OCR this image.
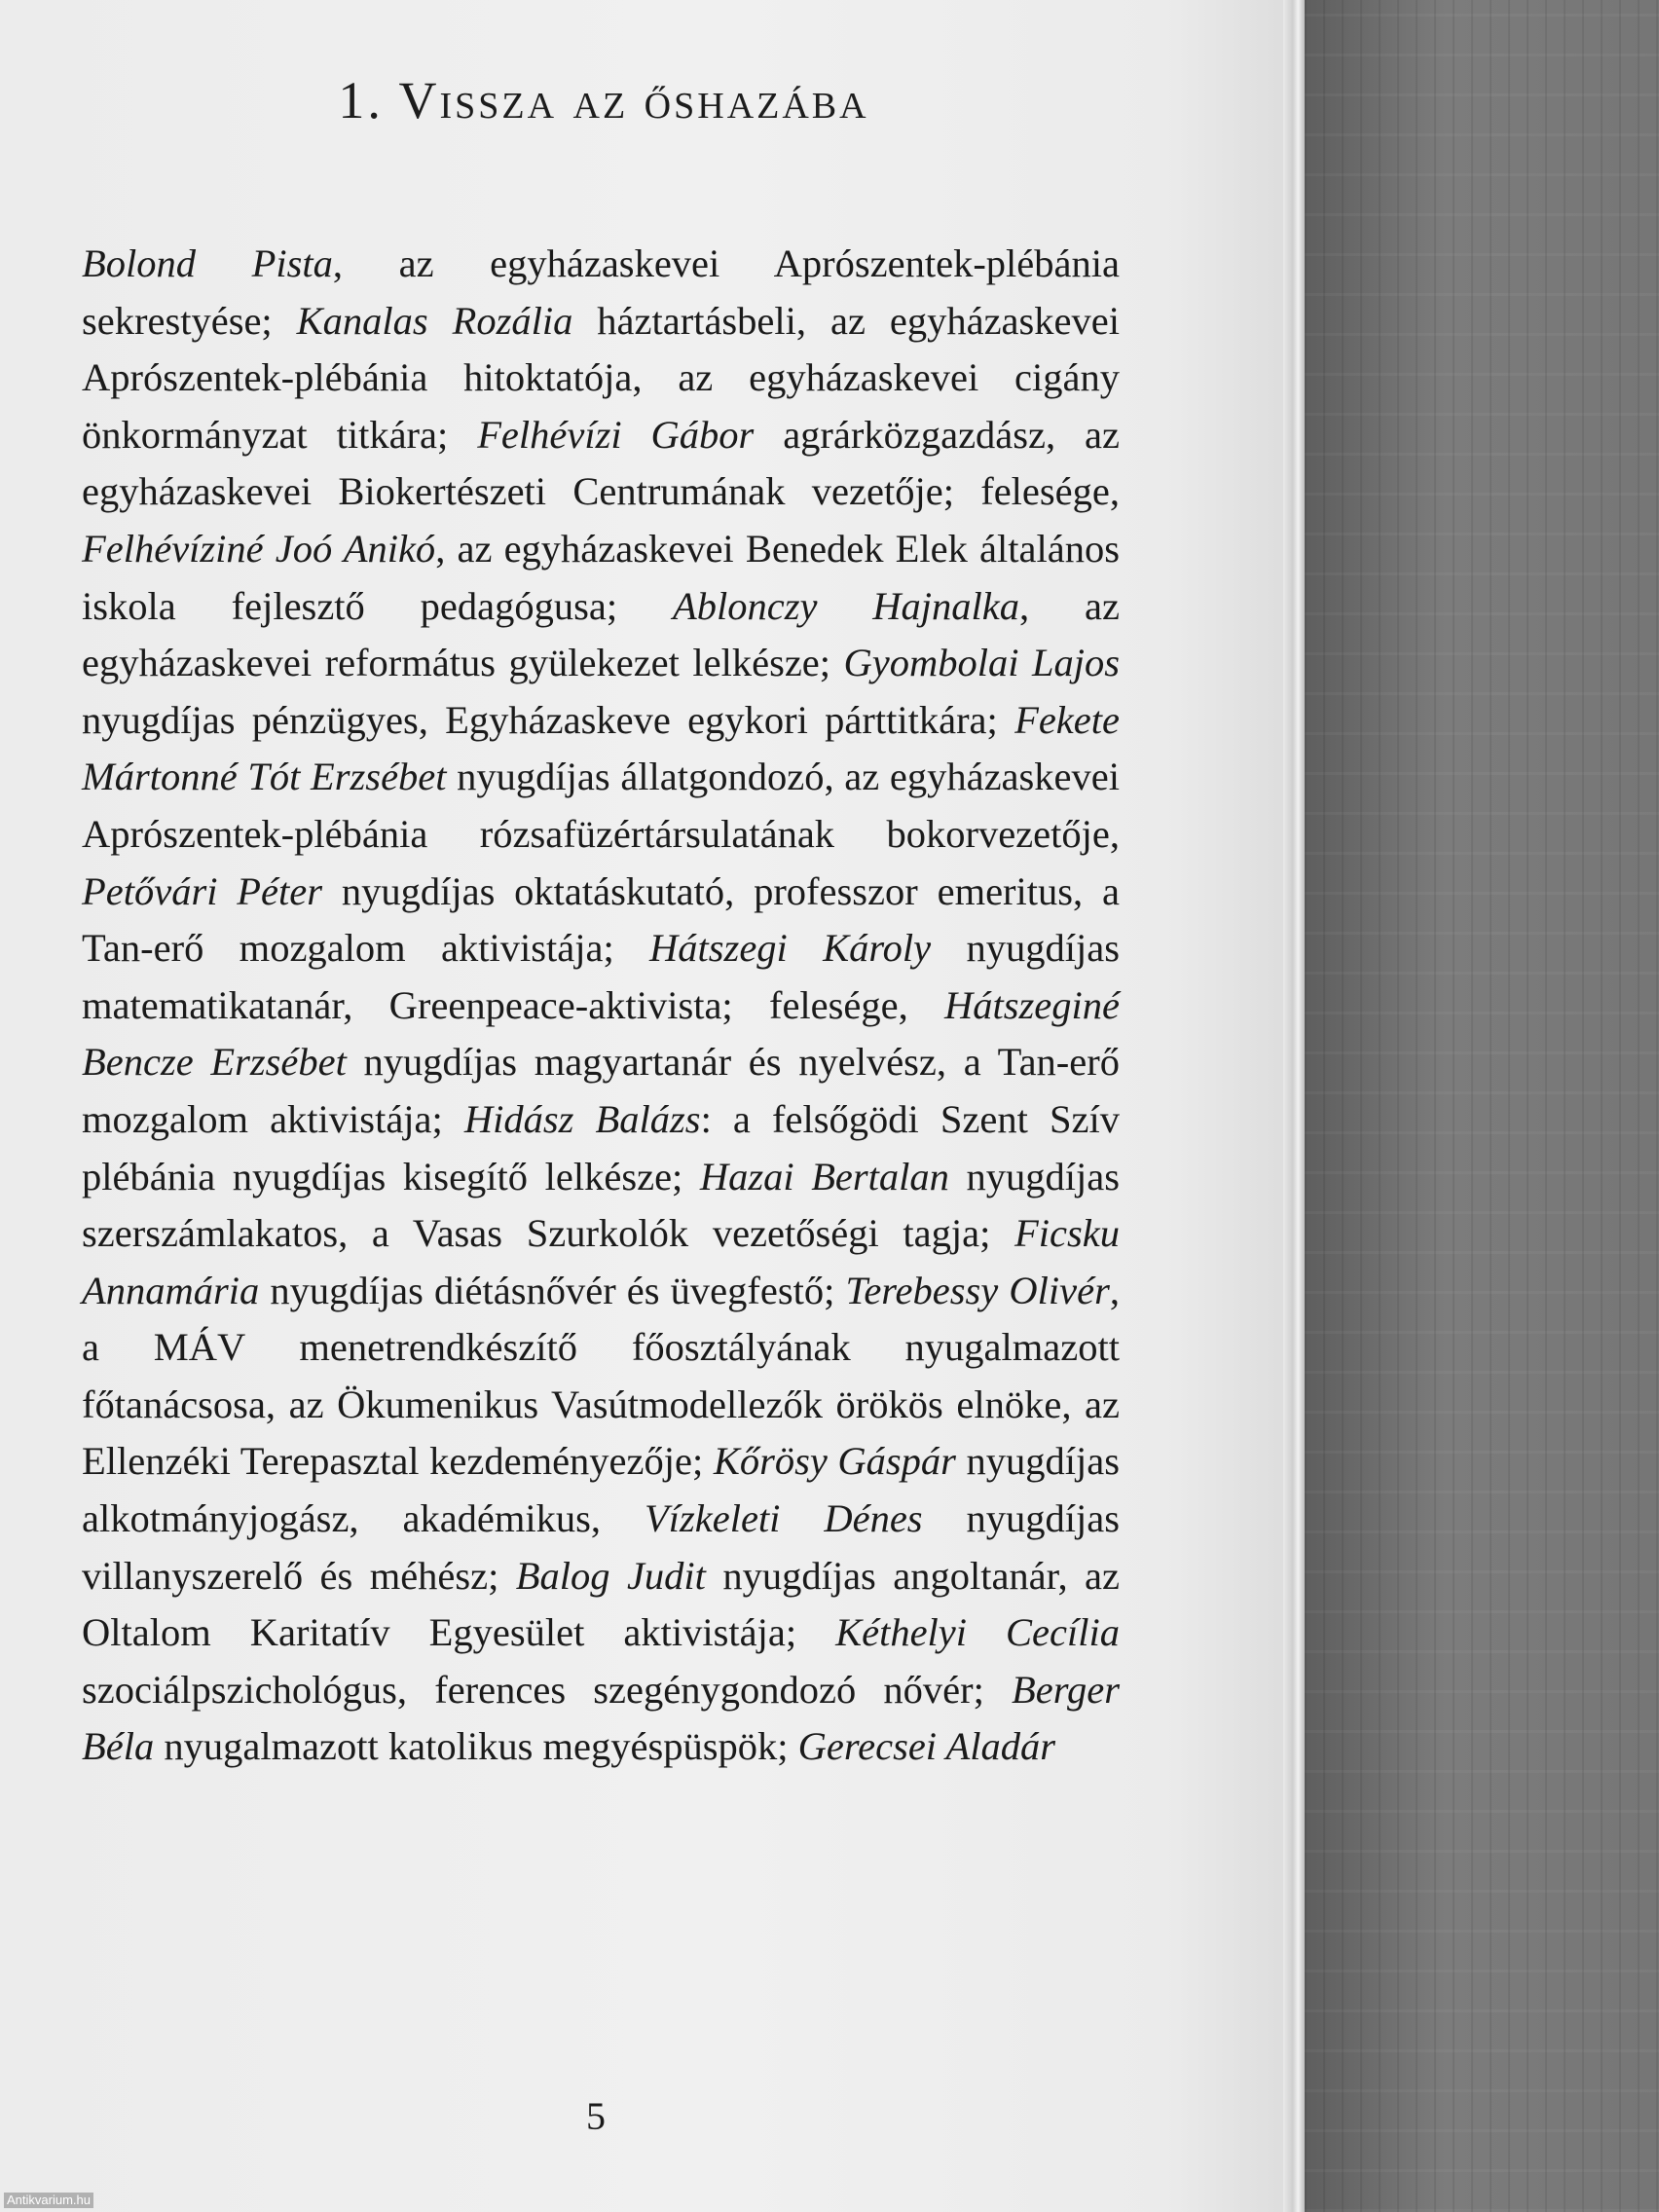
1. Vissza az őshazába

Bolond Pista, az egyházaskevei Aprószentek-plébánia sekrestyése; Kanalas Rozália háztartásbeli, az egyházaskevei Aprószentek-plébánia hitoktatója, az egyházaskevei cigány önkormányzat titkára; Felhévízi Gábor agrárközgazdász, az egyházaskevei Biokertészeti Centrumának vezetője; felesége, Felhévíziné Joó Anikó, az egyházaskevei Benedek Elek általános iskola fejlesztő pedagógusa; Ablonczy Hajnalka, az egyházaskevei református gyülekezet lelkésze; Gyombolai Lajos nyugdíjas pénzügyes, Egyházaskeve egykori párttitkára; Fekete Mártonné Tót Erzsébet nyugdíjas állatgondozó, az egyházaskevei Aprószentek-plébánia rózsafüzértársulatának bokorvezetője, Petővári Péter nyugdíjas oktatáskutató, professzor emeritus, a Tan-erő mozgalom aktivistája; Hátszegi Károly nyugdíjas matematikatanár, Greenpeace-aktivista; felesége, Hátszeginé Bencze Erzsébet nyugdíjas magyartanár és nyelvész, a Tan-erő mozgalom aktivistája; Hidász Balázs: a felsőgödi Szent Szív plébánia nyugdíjas kisegítő lelkésze; Hazai Bertalan nyugdíjas szerszámlakatos, a Vasas Szurkolók vezetőségi tagja; Ficsku Annamária nyugdíjas diétásnővér és üvegfestő; Terebessy Olivér, a MÁV menetrendkészítő főosztályának nyugalmazott főtanácsosa, az Ökumenikus Vasútmodellezők örökös elnöke, az Ellenzéki Terepasztal kezdeményezője; Kőrösy Gáspár nyugdíjas alkotmányjogász, akadémikus, Vízkeleti Dénes nyugdíjas villanyszerelő és méhész; Balog Judit nyugdíjas angoltanár, az Oltalom Karitatív Egyesület aktivistája; Kéthelyi Cecília szociálpszichológus, ferences szegénygondozó nővér; Berger Béla nyugalmazott katolikus megyéspüspök; Gerecsei Aladár

5
Antikvarium.hu
